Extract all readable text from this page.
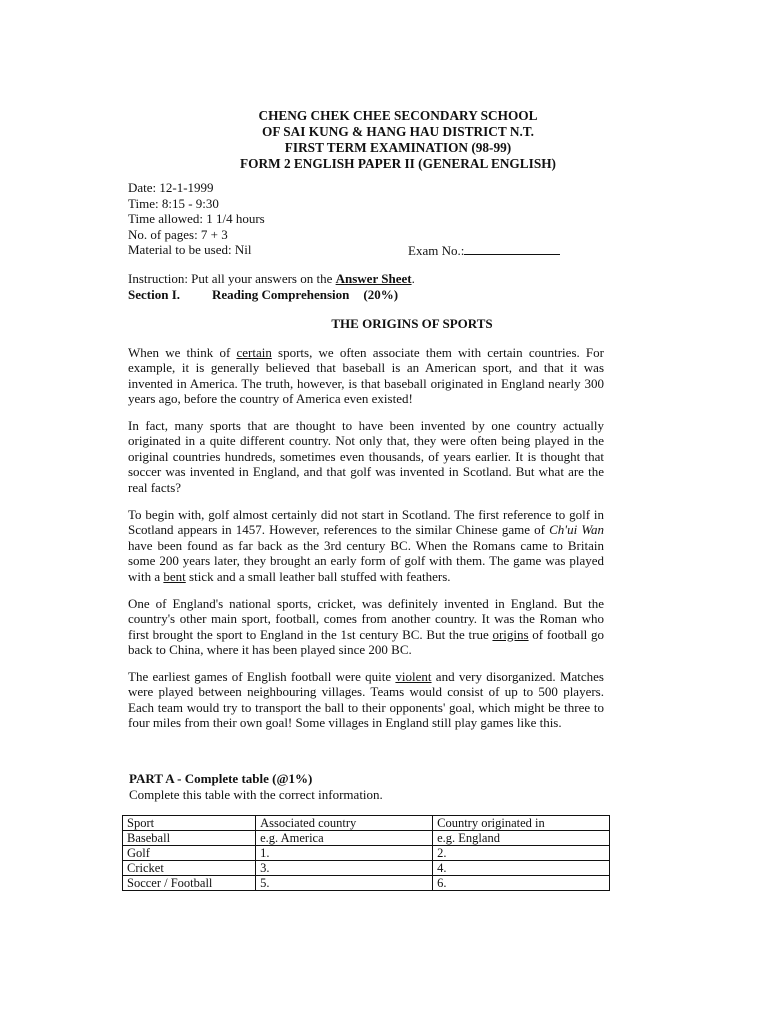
CHENG CHEK CHEE SECONDARY SCHOOL
OF SAI KUNG & HANG HAU DISTRICT N.T.
FIRST TERM EXAMINATION (98-99)
FORM 2 ENGLISH PAPER II (GENERAL ENGLISH)
Date: 12-1-1999
Time: 8:15 - 9:30
Time allowed: 1 1/4 hours
No. of pages: 7 + 3
Material to be used: Nil	Exam No.:
Instruction: Put all your answers on the Answer Sheet.
Section I. Reading Comprehension (20%)
THE ORIGINS OF SPORTS

When we think of certain sports, we often associate them with certain countries. For example, it is generally believed that baseball is an American sport, and that it was invented in America. The truth, however, is that baseball originated in England nearly 300 years ago, before the country of America even existed!

In fact, many sports that are thought to have been invented by one country actually originated in a quite different country. Not only that, they were often being played in the original countries hundreds, sometimes even thousands, of years earlier. It is thought that soccer was invented in England, and that golf was invented in Scotland. But what are the real facts?

To begin with, golf almost certainly did not start in Scotland. The first reference to golf in Scotland appears in 1457. However, references to the similar Chinese game of Ch'ui Wan have been found as far back as the 3rd century BC. When the Romans came to Britain some 200 years later, they brought an early form of golf with them. The game was played with a bent stick and a small leather ball stuffed with feathers.

One of England's national sports, cricket, was definitely invented in England. But the country's other main sport, football, comes from another country. It was the Roman who first brought the sport to England in the 1st century BC. But the true origins of football go back to China, where it has been played since 200 BC.

The earliest games of English football were quite violent and very disorganized. Matches were played between neighbouring villages. Teams would consist of up to 500 players. Each team would try to transport the ball to their opponents' goal, which might be three to four miles from their own goal! Some villages in England still play games like this.

PART A - Complete table (@1%)
Complete this table with the correct information.
Sport	Associated country	Country originated in
Baseball	e.g. America	e.g. England
Golf	1.	2.
Cricket	3.	4.
Soccer / Football	5.	6.
